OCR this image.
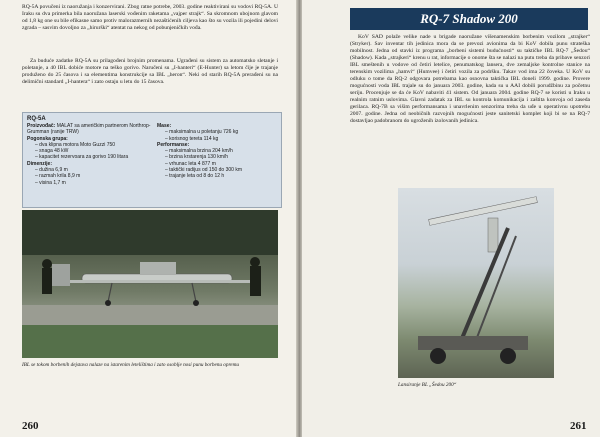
RQ-5A povučeni iz naoružanja i konzervirani. Zbog ratne potrebe, 2003. godine reaktivirani su vodovi RQ-5A. U Iraku su dva primerka bila naoružana laserski vođenim raketama „vajper strajk“. Sa skromnom ubojnom glavom od 1,8 kg one su bile efikasne samo protiv malorazmernih nezaštićenih ciljeva kao što su vozila ili pojedini delovi zgrada – sasvim dovoljno za „hirurški“ atentat na nekog od pobunjeničkih vođa.

Za buduće zadatke RQ-5A su prilagođeni brojnim promenama. Ugrađeni su sistem za automatsko sletanje i poletanje, a 40 IBL dobiće motore na teško gorivo. Naručeni su „I-hanteri“ (E-Hunter) sa letom čije je trajanje produženo do 25 časova i sa elementima konstrukcije sa IBL „heron“. Neki od starih RQ-5A prerađeni su na delimični standard „I-hantera“ i zato ostaju u letu do 15 časova.

RQ-5A
Proizvođač: MALAT sa američkim partnerom Northrop-Grumman (ranije TRW)
Pogonska grupa:
– dva klipna motora Moto Guzzi 750
– snaga 48 kW
– kapacitet rezervoara za gorivo 190 litara
Dimenzije:
– dužina 6,9 m
– razmah krila 8,9 m
– visina 1,7 m
Mase:
– maksimalna u poletanju 726 kg
– korisnog tereta 114 kg
Performanse:
– maksimalna brzina 204 km/h
– brzina krstarenja 130 km/h
– vrhunac leta 4 877 m
– taktički radijus od 150 do 300 km
– trajanje leta od 8 do 12 h
IBL se tokom borbenih dejstava nalaze na istarenim letelištima i zato osoblje nosi punu borbenu opremu
260
RQ-7 Shadow 200

KoV SAD polaže velike nade u brigade naoružane višenamenskim borbenim vozilom „strajker“ (Stryker). Sav inventar tih jedinica mora da se prevozi avionima da bi KoV dobila punu strateška mobilnost. Jedna od stavki iz programa „borbeni sistemi budućnosti“ su taktičke IBL RQ-7 „Šedou“ (Shadow). Kada „strajkeri“ krenu u rat, informacije o onome šta se nalazi na putu treba da pribave senzori IBL smeštenih u vodove od četiri letelice, penumatskog lansera, dve zemaljske kontrolne stanice na terenskim vozilima „hamvi“ (Humvee) i četiri vozila za podršku. Takav vod ima 22 čoveka. U KoV su odluku o tome da RQ-2 odgovara potrebama kao osnovna taktička IBL doneli 1999. godine. Provere mogućnosti voda IBL trajale su do januara 2003. godine, kada su u AAI dobili porudžbinu za početnu seriju. Procenjuje se da će KoV nabaviti 41 sistem. Od januara 2004. godine RQ-7 se koristi u Iraku u realnim ratnim uslovima. Glavni zadatak za IBL su kontrola komunikacija i zaštita konvoja od zaseda gerilaca. RQ-7B sa višim performansama i unavrlenim senzorima treba da uđe u operativnu upotrebu 2007. godine. Jedna od neobičnih razvojnih mogućnosti jeste sanitetski komplet koji bi se na RQ-7 dostavljao padobranom do ugroženih izolovanih jedinica.

Lansiranje BL „Šedou 200“
261
